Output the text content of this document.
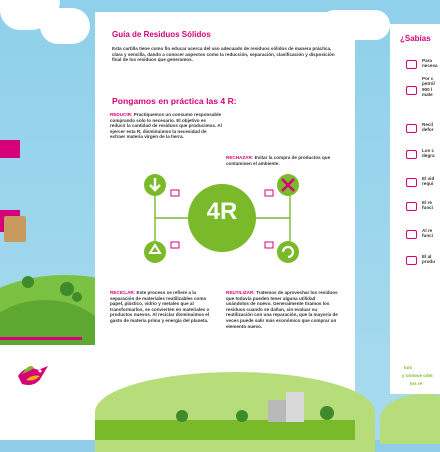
Guía de Residuos Sólidos
Esta cartilla tiene como fin educar acerca del uso adecuado de residuos sólidos de manera práctica, clara y sencilla, dando a conocer aspectos como la reducción, separación, clasificación y disposición final de los residuos que generamos.
Pongamos en práctica las 4 R:
REDUCIR: Practiquemos un consumo responsable comprando solo lo necesario. El objetivo es reducir la cantidad de residuos que producimos. Al ejercer esta R, disminuimos la necesidad de extraer materia virgen de la tierra.
RECHAZAR: Evitar la compra de productos que contaminen el ambiente.
4R
RECICLAR: Este proceso se refiere a la separación de materiales reutilizables como papel, plástico, vidrio y metales que al transformarlos, se convierten en materiales o productos nuevos. Al reciclar disminuimos el gasto de materia prima y energía del planeta.
REUTILIZAR: Tratemos de aprovechar los residuos que todavía pueden tener alguna utilidad usándolos de nuevo. Generalmente tiramos los residuos cuando se dañan, sin evaluar su reutilización con una reparación, que la mayoría de veces puede salir más económico que comprar un elemento nuevo.
¿Sabías
Para necesa
Por c petról 900 l mate
Recil defor
Los c degra
El vid requi
El re funci
Al re funci
El al produ
luis
y conoce cóm
los re
